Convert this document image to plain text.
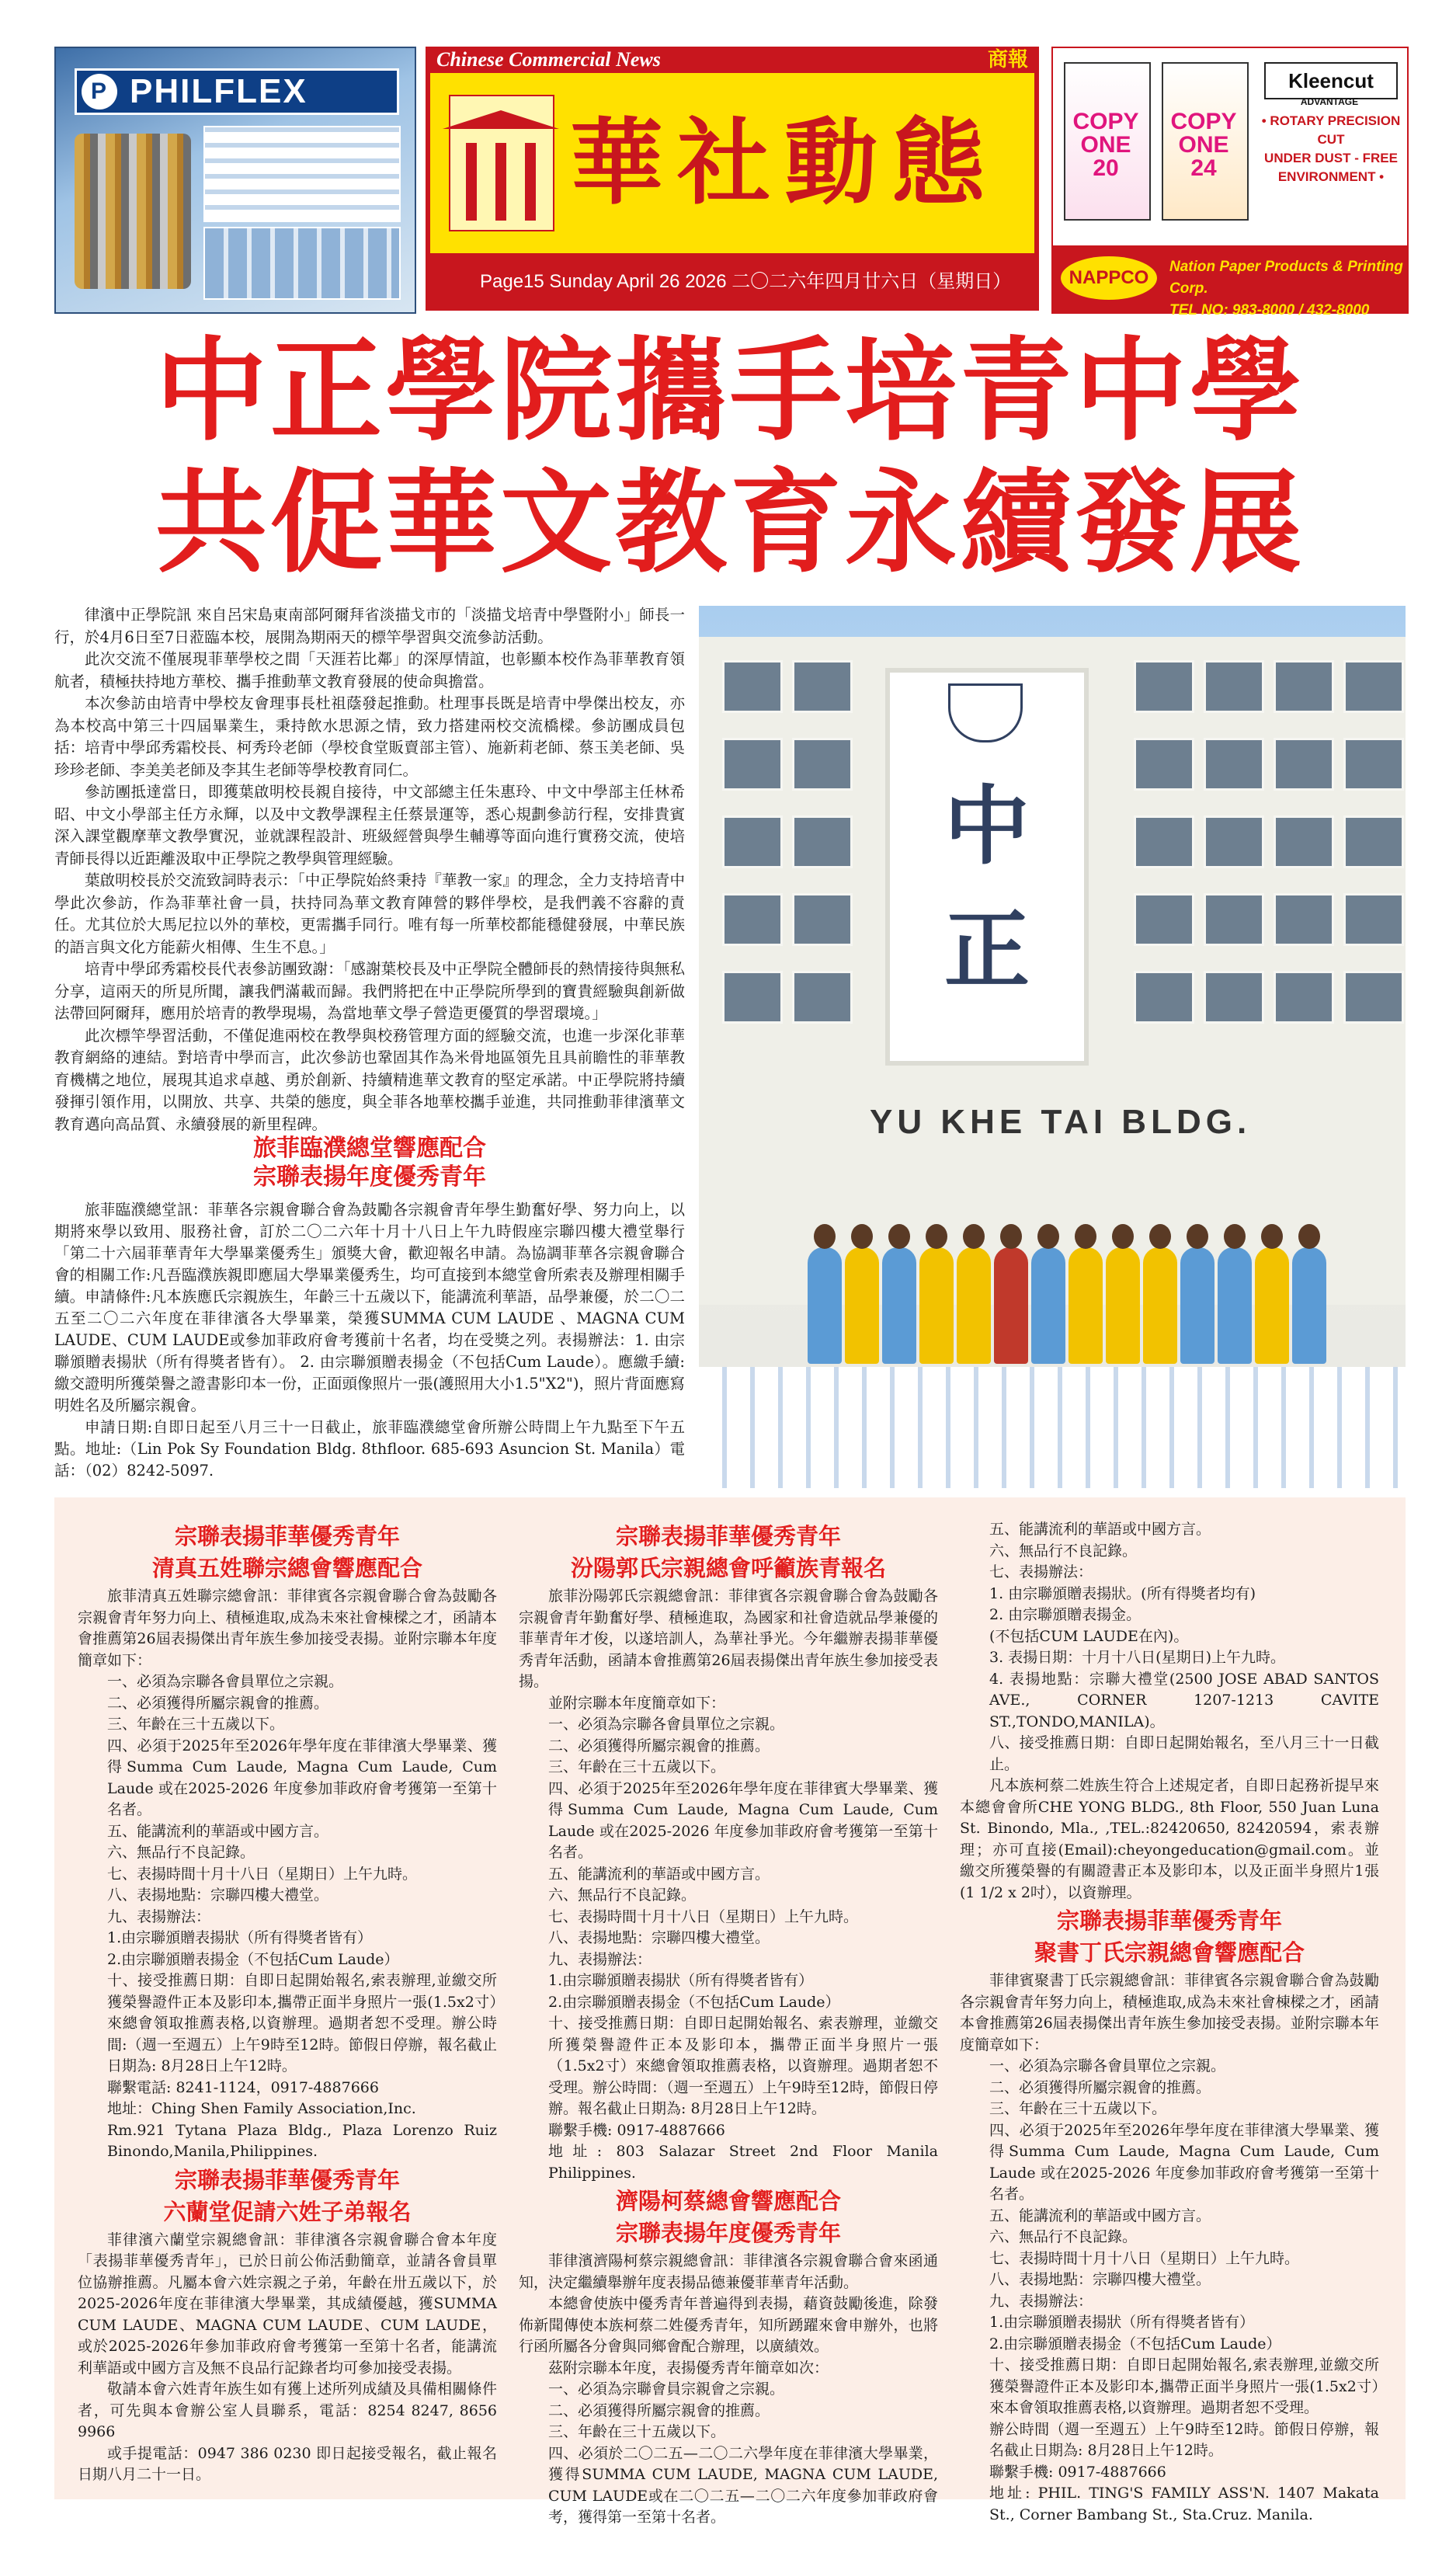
P PHILFLEX
Chinese Commercial News	商報
華社動態
Page15 Sunday April 26 2026 二〇二六年四月廿六日（星期日）
COPY ONE 20
COPY ONE 24
Kleencut
ADVANTAGE
• ROTARY PRECISION CUT
UNDER DUST - FREE
ENVIRONMENT •
NAPPCO
Nation Paper Products & Printing Corp.
TEL NO: 983-8000 / 432-8000
中正學院攜手培青中學
共促華文教育永續發展

律濱中正學院訊 來自呂宋島東南部阿爾拜省淡描戈市的「淡描戈培青中學暨附小」師長一行，於4月6日至7日蒞臨本校，展開為期兩天的標竿學習與交流參訪活動。

此次交流不僅展現菲華學校之間「天涯若比鄰」的深厚情誼，也彰顯本校作為菲華教育領航者，積極扶持地方華校、攜手推動華文教育發展的使命與擔當。

本次參訪由培青中學校友會理事長杜祖蔭發起推動。杜理事長既是培青中學傑出校友，亦為本校高中第三十四屆畢業生，秉持飲水思源之情，致力搭建兩校交流橋樑。參訪團成員包括：培青中學邱秀霜校長、柯秀玲老師（學校食堂販賣部主管）、施新莉老師、蔡玉美老師、吳珍珍老師、李美美老師及李其生老師等學校教育同仁。

參訪團抵達當日，即獲葉啟明校長親自接待，中文部總主任朱惠玲、中文中學部主任林希昭、中文小學部主任方永輝，以及中文教學課程主任蔡景運等，悉心規劃參訪行程，安排貴賓深入課堂觀摩華文教學實況，並就課程設計、班級經營與學生輔導等面向進行實務交流，使培青師長得以近距離汲取中正學院之教學與管理經驗。

葉啟明校長於交流致詞時表示：「中正學院始終秉持『華教一家』的理念，全力支持培青中學此次參訪，作為菲華社會一員，扶持同為華文教育陣營的夥伴學校，是我們義不容辭的責任。尤其位於大馬尼拉以外的華校，更需攜手同行。唯有每一所華校都能穩健發展，中華民族的語言與文化方能薪火相傳、生生不息。」

培青中學邱秀霜校長代表參訪團致謝：「感謝葉校長及中正學院全體師長的熱情接待與無私分享，這兩天的所見所聞，讓我們滿載而歸。我們將把在中正學院所學到的寶貴經驗與創新做法帶回阿爾拜，應用於培青的教學現場，為當地華文學子營造更優質的學習環境。」

此次標竿學習活動，不僅促進兩校在教學與校務管理方面的經驗交流，也進一步深化菲華教育網絡的連結。對培青中學而言，此次參訪也鞏固其作為米骨地區領先且具前瞻性的菲華教育機構之地位，展現其追求卓越、勇於創新、持續精進華文教育的堅定承諾。中正學院將持續發揮引領作用，以開放、共享、共榮的態度，與全菲各地華校攜手並進，共同推動菲律濱華文教育邁向高品質、永續發展的新里程碑。

中
正
YU KHE TAI BLDG.
旅菲臨濮總堂響應配合
宗聯表揚年度優秀青年

旅菲臨濮總堂訊：菲華各宗親會聯合會為鼓勵各宗親會青年學生勤奮好學、努力向上，以期將來學以致用、服務社會，訂於二〇二六年十月十八日上午九時假座宗聯四樓大禮堂舉行「第二十六屆菲華青年大學畢業優秀生」頒獎大會，歡迎報名申請。為協調菲華各宗親會聯合會的相關工作:凡吾臨濮族親即應屆大學畢業優秀生，均可直接到本總堂會所索表及辦理相關手續。申請條件:凡本族應氏宗親族生，年齡三十五歲以下，能講流利華語，品學兼優，於二〇二五至二〇二六年度在菲律濱各大學畢業，榮獲SUMMA CUM LAUDE 、MAGNA CUM LAUDE、CUM LAUDE或參加菲政府會考獲前十名者，均在受獎之列。表揚辦法：1. 由宗聯頒贈表揚狀（所有得獎者皆有）。 2. 由宗聯頒贈表揚金（不包括Cum Laude）。應繳手續:繳交證明所獲榮譽之證書影印本一份，正面頭像照片一張(護照用大小1.5"X2")，照片背面應寫明姓名及所屬宗親會。

申請日期:自即日起至八月三十一日截止，旅菲臨濮總堂會所辦公時間上午九點至下午五點。地址:（Lin Pok Sy Foundation Bldg. 8thfloor. 685-693 Asuncion St. Manila）電話：（02）8242-5097.

宗聯表揚菲華優秀青年

清真五姓聯宗總會響應配合

旅菲清真五姓聯宗總會訊：菲律賓各宗親會聯合會為鼓勵各宗親會青年努力向上、積極進取,成為未來社會棟樑之才，函請本會推薦第26屆表揚傑出青年族生參加接受表揚。並附宗聯本年度簡章如下：

一、必須為宗聯各會員單位之宗親。

二、必須獲得所屬宗親會的推薦。

三、年齡在三十五歲以下。

四、必須于2025年至2026年學年度在菲律濱大學畢業、獲得Summa Cum Laude, Magna Cum Laude, Cum Laude 或在2025-2026 年度參加菲政府會考獲第一至第十名者。

五、能講流利的華語或中國方言。

六、無品行不良記錄。

七、表揚時間十月十八日（星期日）上午九時。

八、表揚地點：宗聯四樓大禮堂。

九、表揚辦法：

1.由宗聯頒贈表揚狀（所有得獎者皆有）

2.由宗聯頒贈表揚金（不包括Cum Laude）

十、接受推薦日期：自即日起開始報名,索表辦理,並繳交所獲榮譽證件正本及影印本,攜帶正面半身照片一張(1.5x2寸）來總會領取推薦表格,以資辦理。過期者恕不受理。辦公時間:（週一至週五）上午9時至12時。節假日停辦，報名截止日期為: 8月28日上午12時。

聯繫電話: 8241-1124，0917-4887666

地址：Ching Shen Family Association,Inc.

Rm.921 Tytana Plaza Bldg., Plaza Lorenzo Ruiz Binondo,Manila,Philippines.

宗聯表揚菲華優秀青年

六蘭堂促請六姓子弟報名

菲律濱六蘭堂宗親總會訊：菲律濱各宗親會聯合會本年度「表揚菲華優秀青年」，已於日前公佈活動簡章，並請各會員單位協辦推薦。凡屬本會六姓宗親之子弟，年齡在卅五歲以下，於2025-2026年度在菲律濱大學畢業，其成績優越，獲SUMMA CUM LAUDE、MAGNA CUM LAUDE、CUM LAUDE，或於2025-2026年參加菲政府會考獲第一至第十名者，能講流利華語或中國方言及無不良品行記錄者均可參加接受表揚。

敬請本會六姓青年族生如有獲上述所列成績及具備相關條件者，可先與本會辦公室人員聯系，電話：8254 8247, 8656 9966

或手提電話：0947 386 0230 即日起接受報名，截止報名日期八月二十一日。

宗聯表揚菲華優秀青年

汾陽郭氏宗親總會呼籲族青報名

旅菲汾陽郭氏宗親總會訊：菲律賓各宗親會聯合會為鼓勵各宗親會青年勤奮好學、積極進取，為國家和社會造就品學兼優的菲華青年才俊，以遂培訓人，為華社爭光。今年繼辦表揚菲華優秀青年活動，函請本會推薦第26屆表揚傑出青年族生參加接受表揚。

並附宗聯本年度簡章如下：

一、必須為宗聯各會員單位之宗親。

二、必須獲得所屬宗親會的推薦。

三、年齡在三十五歲以下。

四、必須于2025年至2026年學年度在菲律賓大學畢業、獲得Summa Cum Laude, Magna Cum Laude, Cum Laude 或在2025-2026 年度參加菲政府會考獲第一至第十名者。

五、能講流利的華語或中國方言。

六、無品行不良記錄。

七、表揚時間十月十八日（星期日）上午九時。

八、表揚地點：宗聯四樓大禮堂。

九、表揚辦法：

1.由宗聯頒贈表揚狀（所有得獎者皆有）

2.由宗聯頒贈表揚金（不包括Cum Laude）

十、接受推薦日期：自即日起開始報名、索表辦理，並繳交所獲榮譽證件正本及影印本，攜帶正面半身照片一張（1.5x2寸）來總會領取推薦表格，以資辦理。過期者恕不受理。辦公時間：（週一至週五）上午9時至12時，節假日停辦。報名截止日期為: 8月28日上午12時。

聯繫手機: 0917-4887666

地址: 803 Salazar Street 2nd Floor Manila Philippines.

濟陽柯蔡總會響應配合

宗聯表揚年度優秀青年

菲律濱濟陽柯蔡宗親總會訊：菲律濱各宗親會聯合會來函通知，決定繼續舉辦年度表揚品德兼優菲華青年活動。

本總會使族中優秀青年普遍得到表揚，藉資鼓勵後進，除發佈新聞傳使本族柯蔡二姓優秀青年，知所踴躍來會申辦外，也將行函所屬各分會與同鄉會配合辦理，以廣績效。

茲附宗聯本年度，表揚優秀青年簡章如次：

一、必須為宗聯會員宗親會之宗親。

二、必須獲得所屬宗親會的推薦。

三、年齡在三十五歲以下。

四、必須於二〇二五—二〇二六學年度在菲律濱大學畢業，獲得SUMMA CUM LAUDE, MAGNA CUM LAUDE, CUM LAUDE或在二〇二五—二〇二六年度參加菲政府會考，獲得第一至第十名者。

五、能講流利的華語或中國方言。

六、無品行不良記錄。

七、表揚辦法：

1. 由宗聯頒贈表揚狀。(所有得獎者均有)

2. 由宗聯頒贈表揚金。

(不包括CUM LAUDE在內)。

3. 表揚日期：十月十八日(星期日)上午九時。

4. 表揚地點：宗聯大禮堂(2500 JOSE ABAD SANTOS AVE., CORNER 1207-1213 CAVITE ST.,TONDO,MANILA)。

八、接受推薦日期：自即日起開始報名，至八月三十一日截止。

凡本族柯蔡二姓族生符合上述規定者，自即日起務祈提早來本總會會所CHE YONG BLDG., 8th Floor, 550 Juan Luna St. Binondo, Mla., ,TEL.:82420650, 82420594，索表辦理；亦可直接(Email):cheyongeducation@gmail.com。並繳交所獲榮譽的有關證書正本及影印本，以及正面半身照片1張(1 1/2 x 2吋），以資辦理。

宗聯表揚菲華優秀青年

聚書丁氏宗親總會響應配合

菲律賓聚書丁氏宗親總會訊：菲律賓各宗親會聯合會為鼓勵各宗親會青年努力向上，積極進取,成為未來社會棟樑之才，函請本會推薦第26屆表揚傑出青年族生參加接受表揚。並附宗聯本年度簡章如下：

一、必須為宗聯各會員單位之宗親。

二、必須獲得所屬宗親會的推薦。

三、年齡在三十五歲以下。

四、必須于2025年至2026年學年度在菲律濱大學畢業、獲得Summa Cum Laude, Magna Cum Laude, Cum Laude 或在2025-2026 年度參加菲政府會考獲第一至第十名者。

五、能講流利的華語或中國方言。

六、無品行不良記錄。

七、表揚時間十月十八日（星期日）上午九時。

八、表揚地點：宗聯四樓大禮堂。

九、表揚辦法：

1.由宗聯頒贈表揚狀（所有得獎者皆有）

2.由宗聯頒贈表揚金（不包括Cum Laude）

十、接受推薦日期：自即日起開始報名,索表辦理,並繳交所獲榮譽證件正本及影印本,攜帶正面半身照片一張(1.5x2寸）來本會領取推薦表格,以資辦理。過期者恕不受理。

辦公時間（週一至週五）上午9時至12時。節假日停辦，報名截止日期為: 8月28日上午12時。

聯繫手機: 0917-4887666

地址: PHIL. TING'S FAMILY ASS'N. 1407 Makata St., Corner Bambang St., Sta.Cruz. Manila.
